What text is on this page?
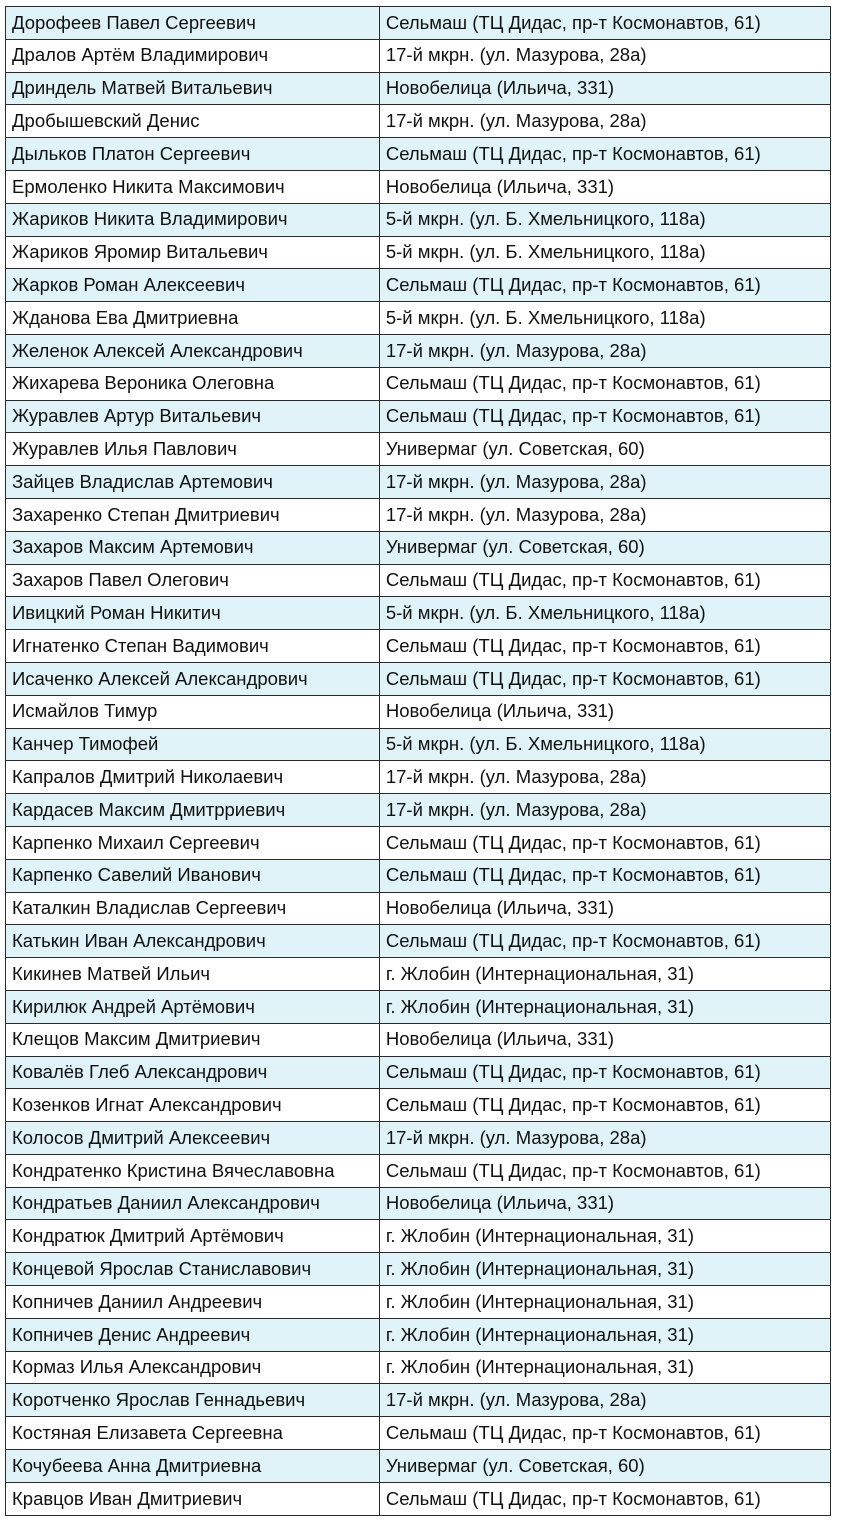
Дорофеев Павел Сергеевич	Сельмаш (ТЦ Дидас, пр-т Космонавтов, 61)
Дралов Артём Владимирович	17-й мкрн. (ул. Мазурова, 28а)
Дриндель Матвей Витальевич	Новобелица (Ильича, 331)
Дробышевский Денис	17-й мкрн. (ул. Мазурова, 28а)
Дыльков Платон Сергеевич	Сельмаш (ТЦ Дидас, пр-т Космонавтов, 61)
Ермоленко Никита Максимович	Новобелица (Ильича, 331)
Жариков Никита Владимирович	5-й мкрн. (ул. Б. Хмельницкого, 118а)
Жариков Яромир Витальевич	5-й мкрн. (ул. Б. Хмельницкого, 118а)
Жарков Роман Алексеевич	Сельмаш (ТЦ Дидас, пр-т Космонавтов, 61)
Жданова Ева Дмитриевна	5-й мкрн. (ул. Б. Хмельницкого, 118а)
Желенок Алексей Александрович	17-й мкрн. (ул. Мазурова, 28а)
Жихарева Вероника Олеговна	Сельмаш (ТЦ Дидас, пр-т Космонавтов, 61)
Журавлев Артур Витальевич	Сельмаш (ТЦ Дидас, пр-т Космонавтов, 61)
Журавлев Илья Павлович	Универмаг (ул. Советская, 60)
Зайцев Владислав Артемович	17-й мкрн. (ул. Мазурова, 28а)
Захаренко Степан Дмитриевич	17-й мкрн. (ул. Мазурова, 28а)
Захаров Максим Артемович	Универмаг (ул. Советская, 60)
Захаров Павел Олегович	Сельмаш (ТЦ Дидас, пр-т Космонавтов, 61)
Ивицкий Роман Никитич	5-й мкрн. (ул. Б. Хмельницкого, 118а)
Игнатенко Степан Вадимович	Сельмаш (ТЦ Дидас, пр-т Космонавтов, 61)
Исаченко Алексей Александрович	Сельмаш (ТЦ Дидас, пр-т Космонавтов, 61)
Исмайлов Тимур	Новобелица (Ильича, 331)
Канчер Тимофей	5-й мкрн. (ул. Б. Хмельницкого, 118а)
Капралов Дмитрий Николаевич	17-й мкрн. (ул. Мазурова, 28а)
Кардасев Максим Дмитрриевич	17-й мкрн. (ул. Мазурова, 28а)
Карпенко Михаил Сергеевич	Сельмаш (ТЦ Дидас, пр-т Космонавтов, 61)
Карпенко Савелий Иванович	Сельмаш (ТЦ Дидас, пр-т Космонавтов, 61)
Каталкин Владислав Сергеевич	Новобелица (Ильича, 331)
Катькин Иван Александрович	Сельмаш (ТЦ Дидас, пр-т Космонавтов, 61)
Кикинев Матвей Ильич	г. Жлобин (Интернациональная, 31)
Кирилюк Андрей Артёмович	г. Жлобин (Интернациональная, 31)
Клещов Максим Дмитриевич	Новобелица (Ильича, 331)
Ковалёв Глеб Александрович	Сельмаш (ТЦ Дидас, пр-т Космонавтов, 61)
Козенков Игнат Александрович	Сельмаш (ТЦ Дидас, пр-т Космонавтов, 61)
Колосов Дмитрий Алексеевич	17-й мкрн. (ул. Мазурова, 28а)
Кондратенко Кристина Вячеславовна	Сельмаш (ТЦ Дидас, пр-т Космонавтов, 61)
Кондратьев Даниил Александрович	Новобелица (Ильича, 331)
Кондратюк Дмитрий Артёмович	г. Жлобин (Интернациональная, 31)
Концевой Ярослав Станиславович	г. Жлобин (Интернациональная, 31)
Копничев Даниил Андреевич	г. Жлобин (Интернациональная, 31)
Копничев Денис Андреевич	г. Жлобин (Интернациональная, 31)
Кормаз Илья Александрович	г. Жлобин (Интернациональная, 31)
Коротченко Ярослав Геннадьевич	17-й мкрн. (ул. Мазурова, 28а)
Костяная Елизавета Сергеевна	Сельмаш (ТЦ Дидас, пр-т Космонавтов, 61)
Кочубеева Анна Дмитриевна	Универмаг (ул. Советская, 60)
Кравцов Иван Дмитриевич	Сельмаш (ТЦ Дидас, пр-т Космонавтов, 61)
